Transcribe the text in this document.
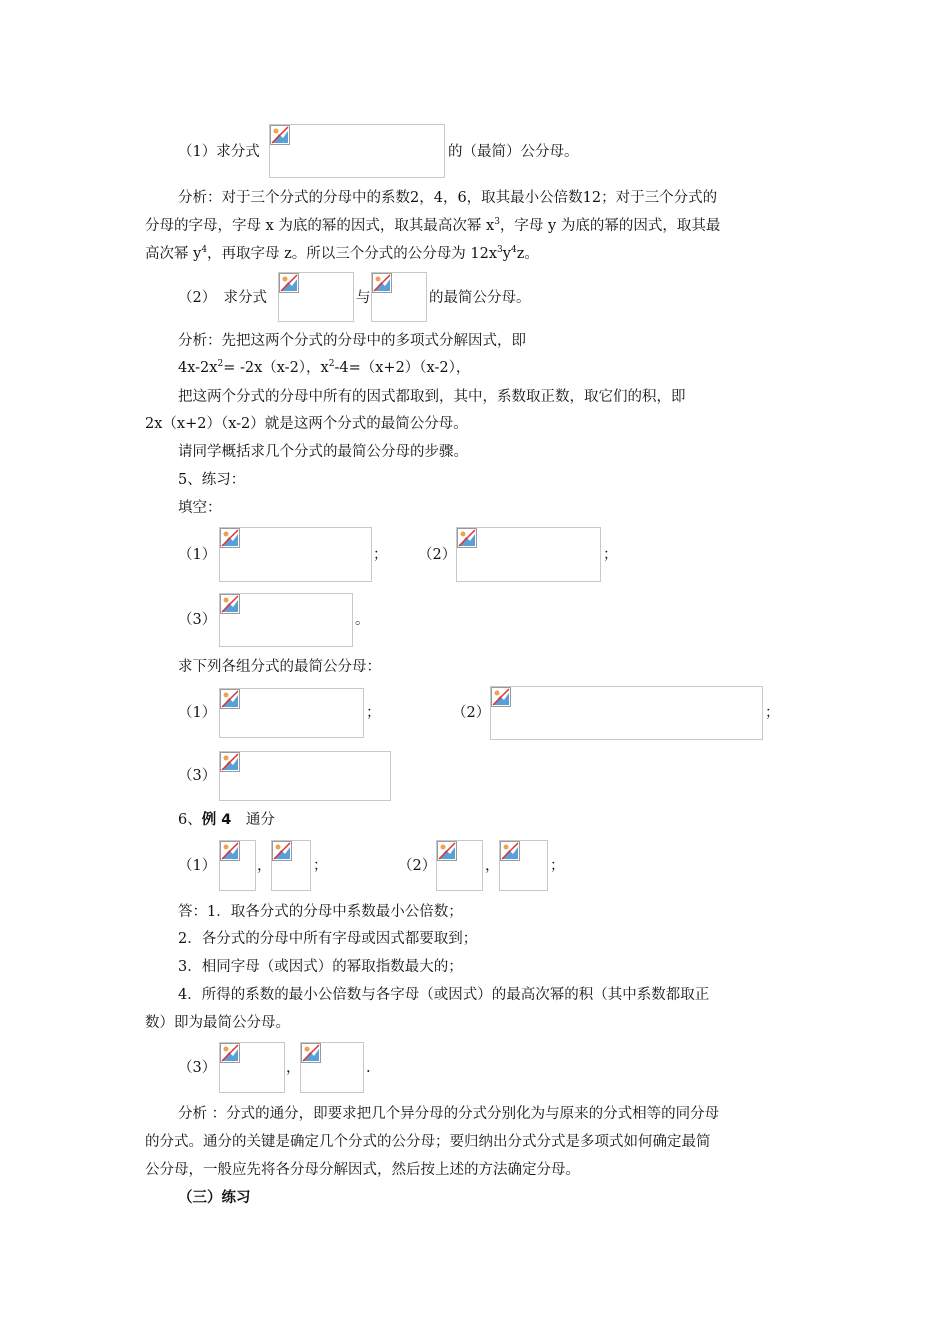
（1）求分式	的（最简）公分母。
分析：对于三个分式的分母中的系数2，4，6，取其最小公倍数12；对于三个分式的
分母的字母，字母 x 为底的幂的因式，取其最高次幂 $x^3$，字母 y 为底的幂的因式，取其最
高次幂 $y^4$，再取字母 z。所以三个分式的公分母为 $12x^3y^4z$。
（2）　求分式	与	的最简公分母。
分析：先把这两个分式的分母中的多项式分解因式，即
$4x-2x^2= -2x(x-2)$，$x^2-4=(x+2)(x-2)$，
把这两个分式的分母中所有的因式都取到，其中，系数取正数，取它们的积，即
2x（x+2）（x-2）就是这两个分式的最简公分母。
请同学概括求几个分式的最简公分母的步骤。
5、练习：
填空：
（1）	； （2）	；
（3）	。
求下列各组分式的最简公分母：
（1）	；	（2）	；
（3）
6、例 4　通分
（1）	，	；	（2）	，	；
答：1．取各分式的分母中系数最小公倍数；
2．各分式的分母中所有字母或因式都要取到；
3．相同字母（或因式）的幂取指数最大的；
4．所得的系数的最小公倍数与各字母（或因式）的最高次幂的积（其中系数都取正
数）即为最简公分母。
（3）	，	.
分析 ：分式的通分，即要求把几个异分母的分式分别化为与原来的分式相等的同分母
的分式。通分的关键是确定几个分式的公分母；要归纳出分式分式是多项式如何确定最简
公分母，一般应先将各分母分解因式，然后按上述的方法确定分母。
（三）练习
